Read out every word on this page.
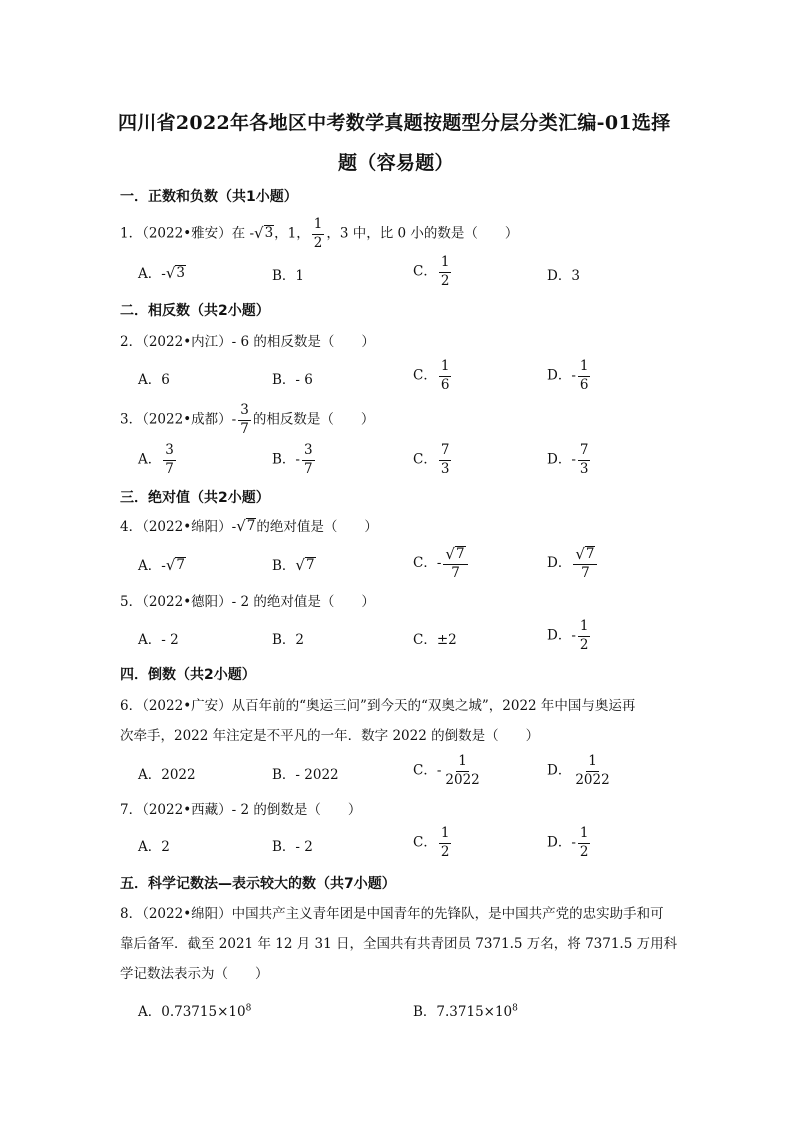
四川省2022年各地区中考数学真题按题型分层分类汇编-01选择
题（容易题）
一．正数和负数（共1小题）
1．（2022•雅安）在 - √ 3 ，1， $\frac{1}{2}$ ，3 中，比 0 小的数是（　　）
A．- √ 3	B．1	C． $\frac{1}{2}$	D．3
二．相反数（共2小题）
2．（2022•内江）- 6 的相反数是（　　）
A．6	B．- 6	C． $\frac{1}{6}$	D．- $\frac{1}{6}$
3．（2022•成都）- $\frac{3}{7}$ 的相反数是（　　）
A． $\frac{3}{7}$	B．- $\frac{3}{7}$	C． $\frac{7}{3}$	D．- $\frac{7}{3}$
三．绝对值（共2小题）
4．（2022•绵阳）- √ 7 的绝对值是（　　）
A．- √ 7	B． √ 7	C．- $\frac{√ 7}{7}$	D． $\frac{√ 7}{7}$
5．（2022•德阳）- 2 的绝对值是（　　）
A．- 2	B．2	C．±2	D．- $\frac{1}{2}$
四．倒数（共2小题）
6．（2022•广安）从百年前的“奥运三问”到今天的“双奥之城”，2022 年中国与奥运再
次牵手，2022 年注定是不平凡的一年．数字 2022 的倒数是（　　）
A．2022	B．- 2022	C．- $\frac{1}{2022}$	D． $\frac{1}{2022}$
7．（2022•西藏）- 2 的倒数是（　　）
A．2	B．- 2	C． $\frac{1}{2}$	D．- $\frac{1}{2}$
五．科学记数法—表示较大的数（共7小题）
8．（2022•绵阳）中国共产主义青年团是中国青年的先锋队，是中国共产党的忠实助手和可
靠后备军．截至 2021 年 12 月 31 日，全国共有共青团员 7371.5 万名，将 7371.5 万用科
学记数法表示为（　　）
A．$0.73715\times 10^8$	B．$7.3715\times 10^8$
